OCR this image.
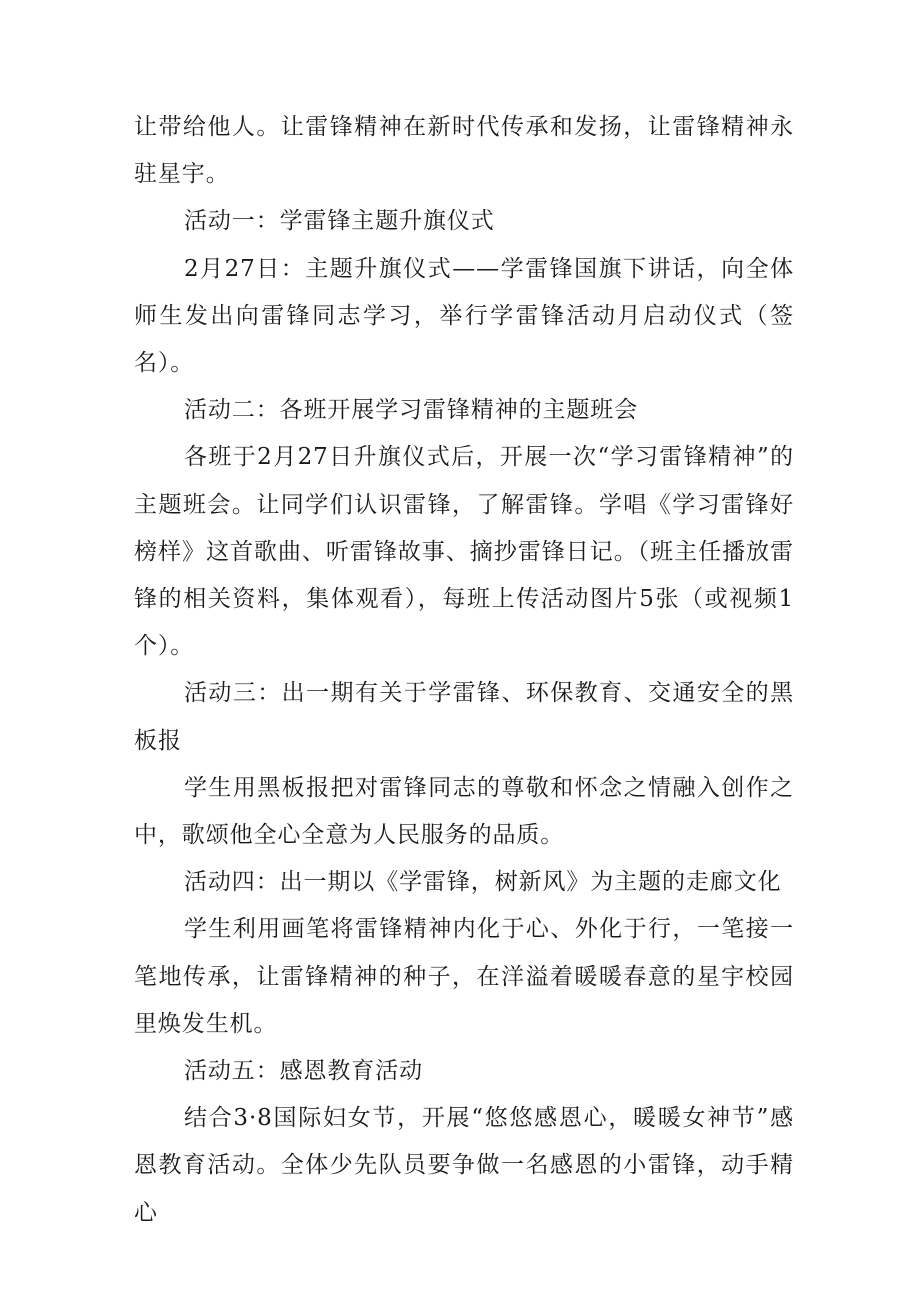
让带给他人。让雷锋精神在新时代传承和发扬，让雷锋精神永驻星宇。

活动一：学雷锋主题升旗仪式

2月27日：主题升旗仪式——学雷锋国旗下讲话，向全体师生发出向雷锋同志学习，举行学雷锋活动月启动仪式（签名）。

活动二：各班开展学习雷锋精神的主题班会

各班于2月27日升旗仪式后，开展一次“学习雷锋精神”的主题班会。让同学们认识雷锋，了解雷锋。学唱《学习雷锋好榜样》这首歌曲、听雷锋故事、摘抄雷锋日记。（班主任播放雷锋的相关资料，集体观看），每班上传活动图片5张（或视频1个）。

活动三：出一期有关于学雷锋、环保教育、交通安全的黑板报

学生用黑板报把对雷锋同志的尊敬和怀念之情融入创作之中，歌颂他全心全意为人民服务的品质。

活动四：出一期以《学雷锋，树新风》为主题的走廊文化

学生利用画笔将雷锋精神内化于心、外化于行，一笔接一笔地传承，让雷锋精神的种子，在洋溢着暖暖春意的星宇校园里焕发生机。

活动五：感恩教育活动

结合3·8国际妇女节，开展“悠悠感恩心，暖暖女神节”感恩教育活动。全体少先队员要争做一名感恩的小雷锋，动手精心
